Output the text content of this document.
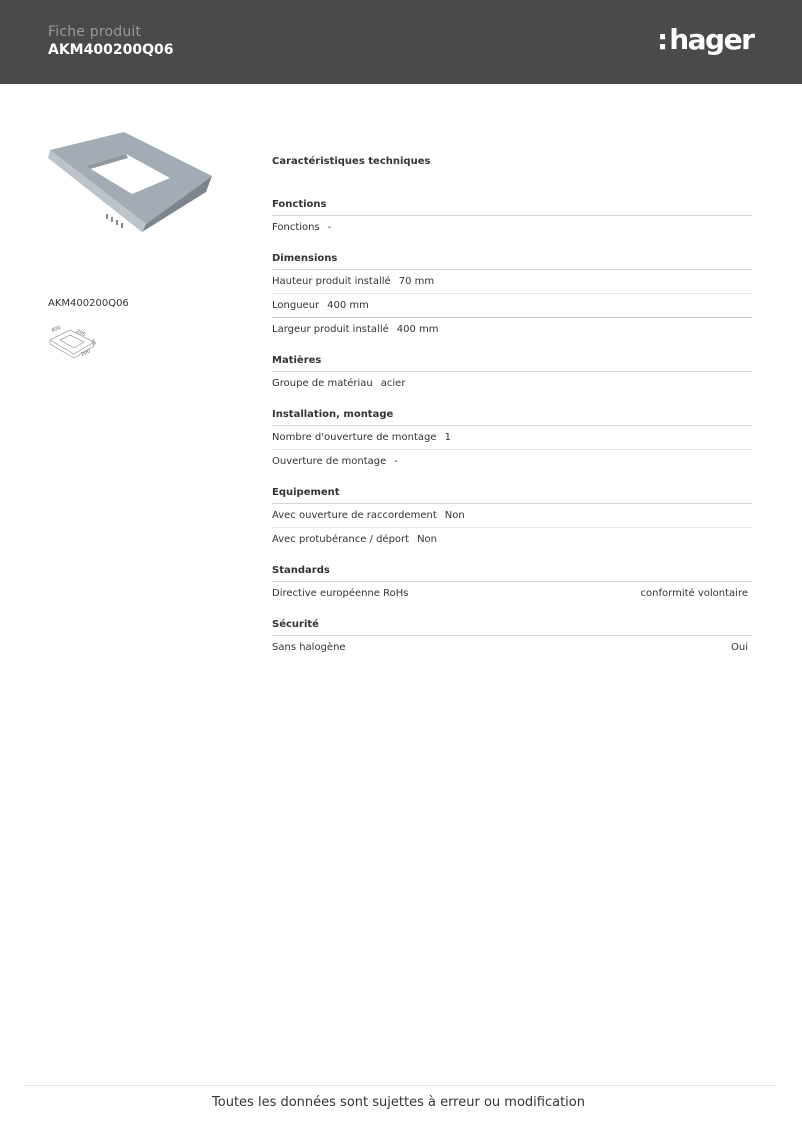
Fiche produit
AKM400200Q06	:hager
AKM400200Q06
400	200
70
200
Caractéristiques techniques
Fonctions
Fonctions -
Dimensions
Hauteur produit installé 70 mm
Longueur 400 mm
Largeur produit installé 400 mm
Matières
Groupe de matériau acier
Installation, montage
Nombre d'ouverture de montage 1
Ouverture de montage -
Equipement
Avec ouverture de raccordement Non
Avec protubérance / déport Non
Standards
Directive européenne RoHs	conformité volontaire
Sécurité
Sans halogène	Oui
Toutes les données sont sujettes à erreur ou modification
